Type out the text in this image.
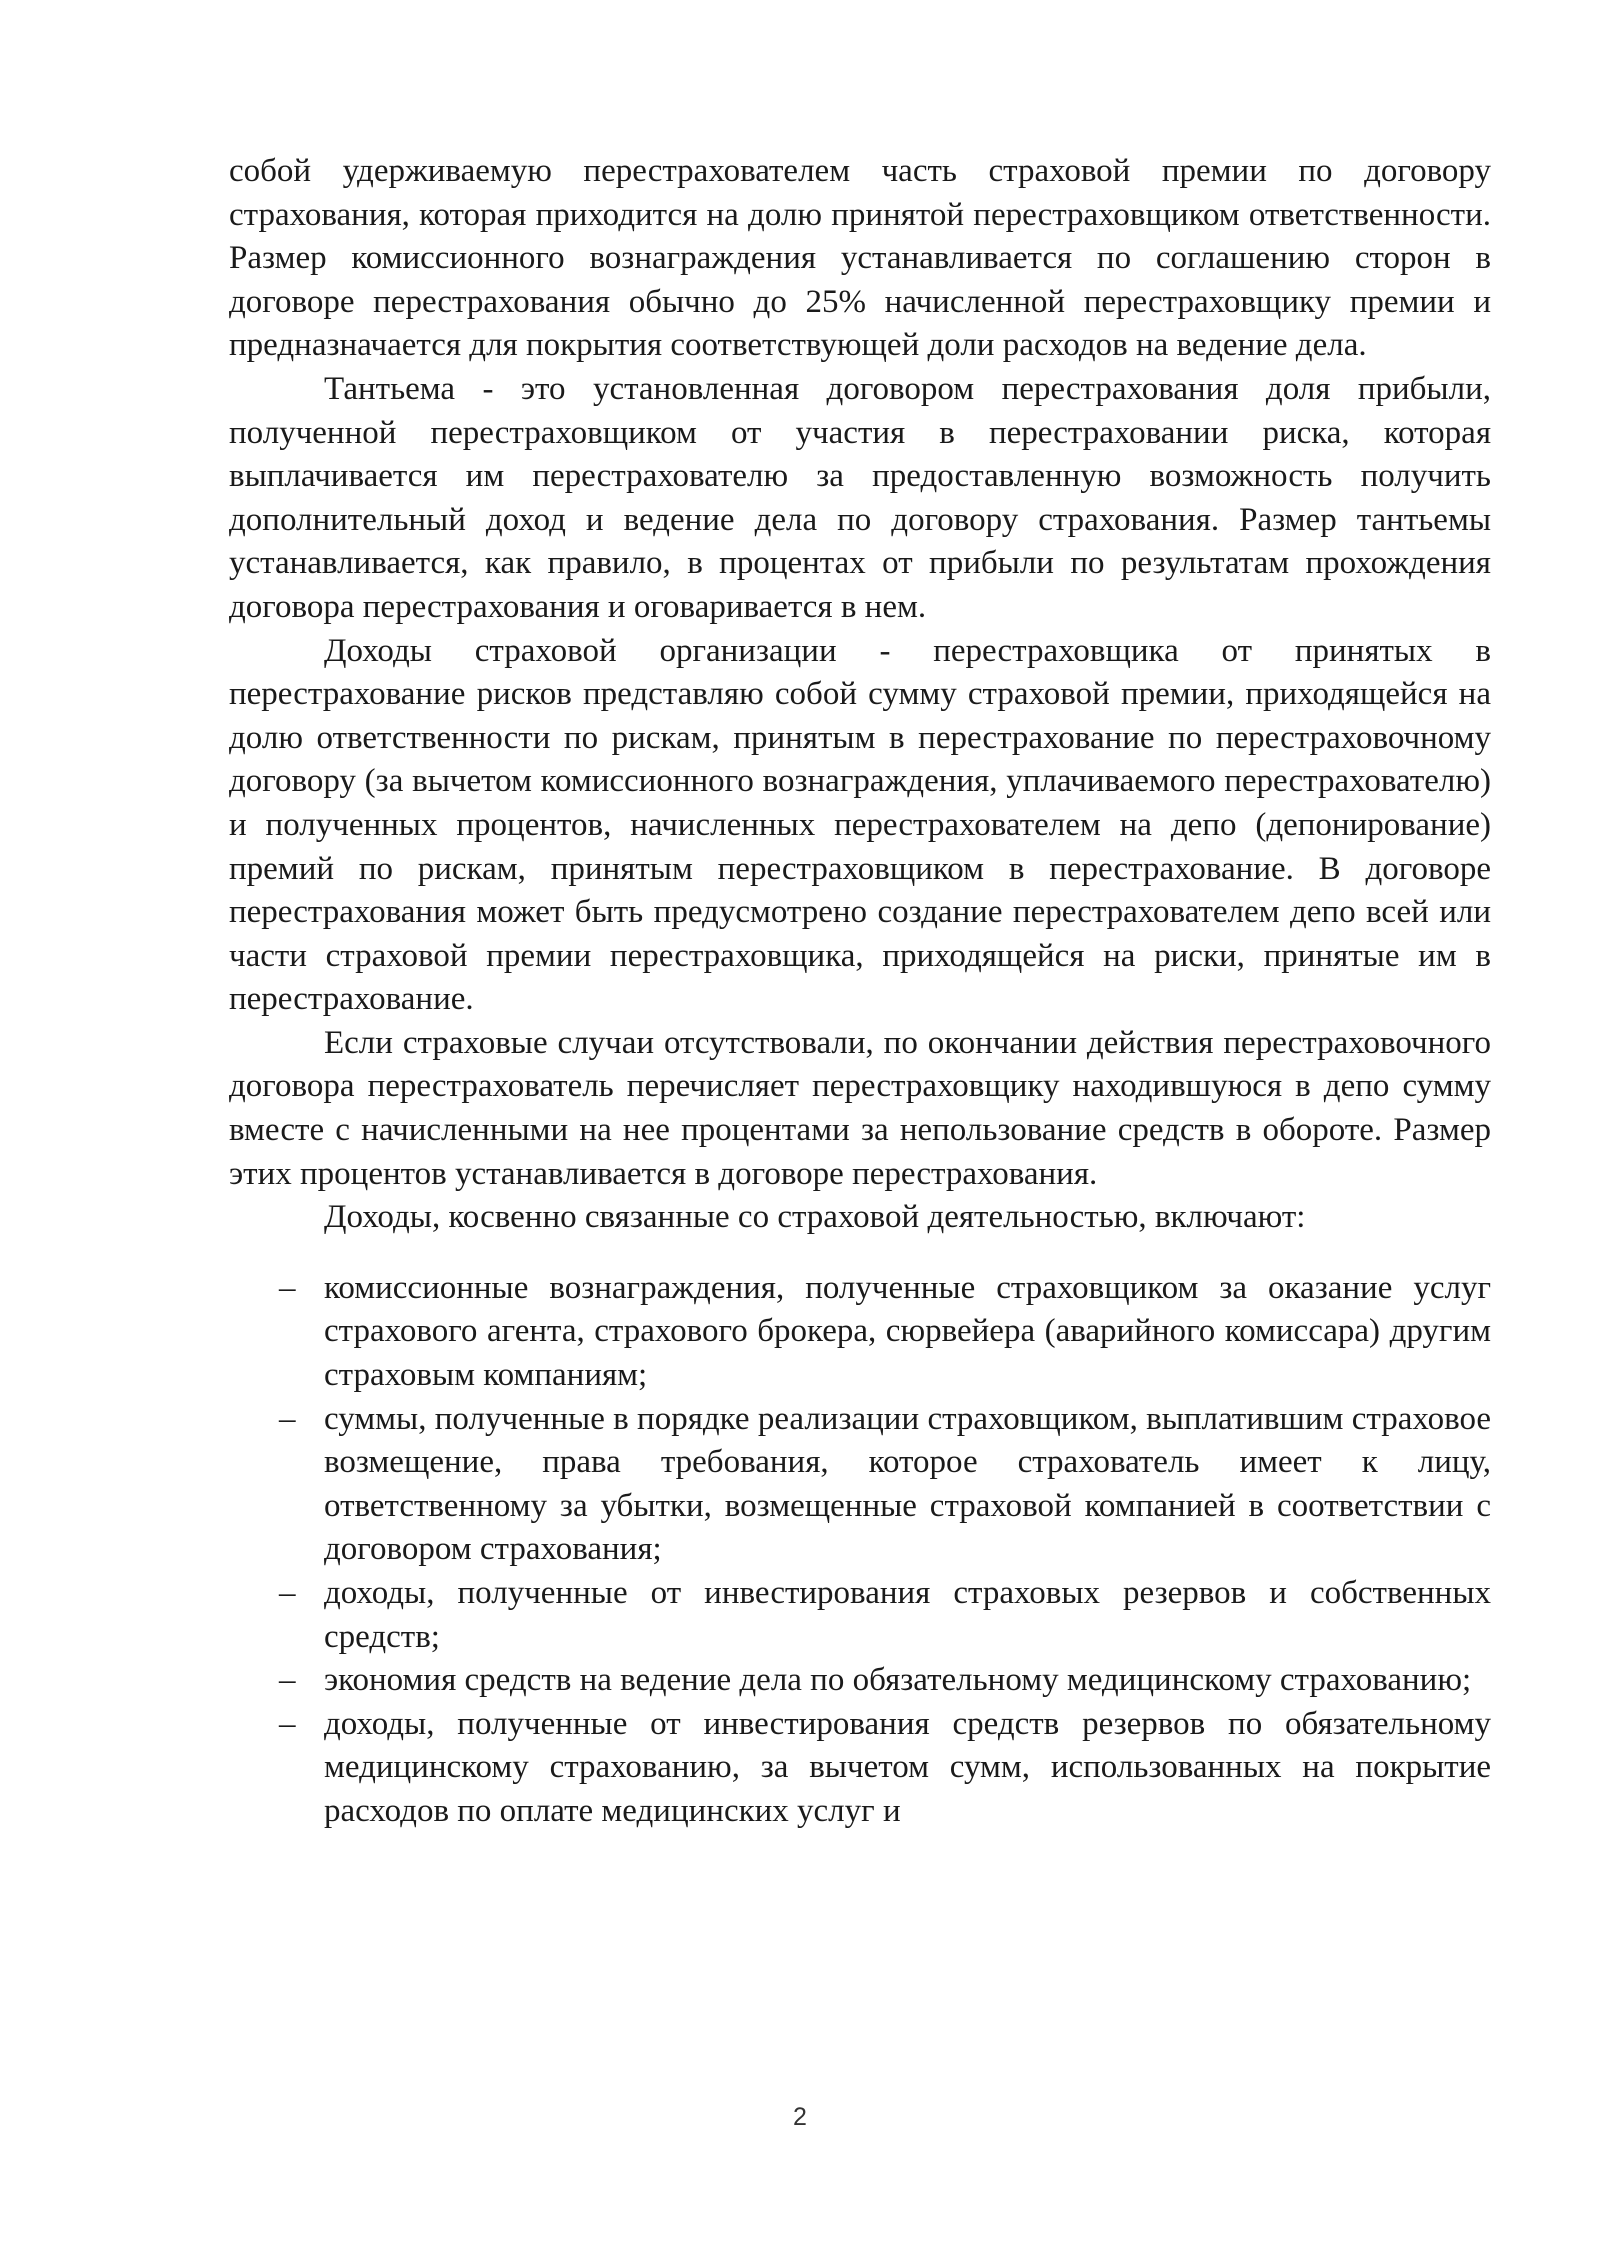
собой удерживаемую перестрахователем часть страховой премии по договору страхования, которая приходится на долю принятой перестраховщиком ответственности. Размер комиссионного вознаграждения устанавливается по соглашению сторон в договоре перестрахования обычно до 25% начисленной перестраховщику премии и предназначается для покрытия соответствующей доли расходов на ведение дела.

Тантьема - это установленная договором перестрахования доля прибыли, полученной перестраховщиком от участия в перестраховании риска, которая выплачивается им перестрахователю за предоставленную возможность получить дополнительный доход и ведение дела по договору страхования. Размер тантьемы устанавливается, как правило, в процентах от прибыли по результатам прохождения договора перестрахования и оговаривается в нем.

Доходы страховой организации - перестраховщика от принятых в перестрахование рисков представляю собой сумму страховой премии, приходящейся на долю ответственности по рискам, принятым в перестрахование по перестраховочному договору (за вычетом комиссионного вознаграждения, уплачиваемого перестрахователю) и полученных процентов, начисленных перестрахователем на депо (депонирование) премий по рискам, принятым перестраховщиком в перестрахование. В договоре перестрахования может быть предусмотрено создание перестрахователем депо всей или части страховой премии перестраховщика, приходящейся на риски, принятые им в перестрахование.

Если страховые случаи отсутствовали, по окончании действия перестраховочного договора перестрахователь перечисляет перестраховщику находившуюся в депо сумму вместе с начисленными на нее процентами за непользование средств в обороте. Размер этих процентов устанавливается в договоре перестрахования.

Доходы, косвенно связанные со страховой деятельностью, включают:

– комиссионные вознаграждения, полученные страховщиком за оказание услуг страхового агента, страхового брокера, сюрвейера (аварийного комиссара) другим страховым компаниям;
– суммы, полученные в порядке реализации страховщиком, выплатившим страховое возмещение, права требования, которое страхователь имеет к лицу, ответственному за убытки, возмещенные страховой компанией в соответствии с договором страхования;
– доходы, полученные от инвестирования страховых резервов и собственных средств;
– экономия средств на ведение дела по обязательному медицинскому страхованию;
– доходы, полученные от инвестирования средств резервов по обязательному медицинскому страхованию, за вычетом сумм, использованных на покрытие расходов по оплате медицинских услуг и
2
